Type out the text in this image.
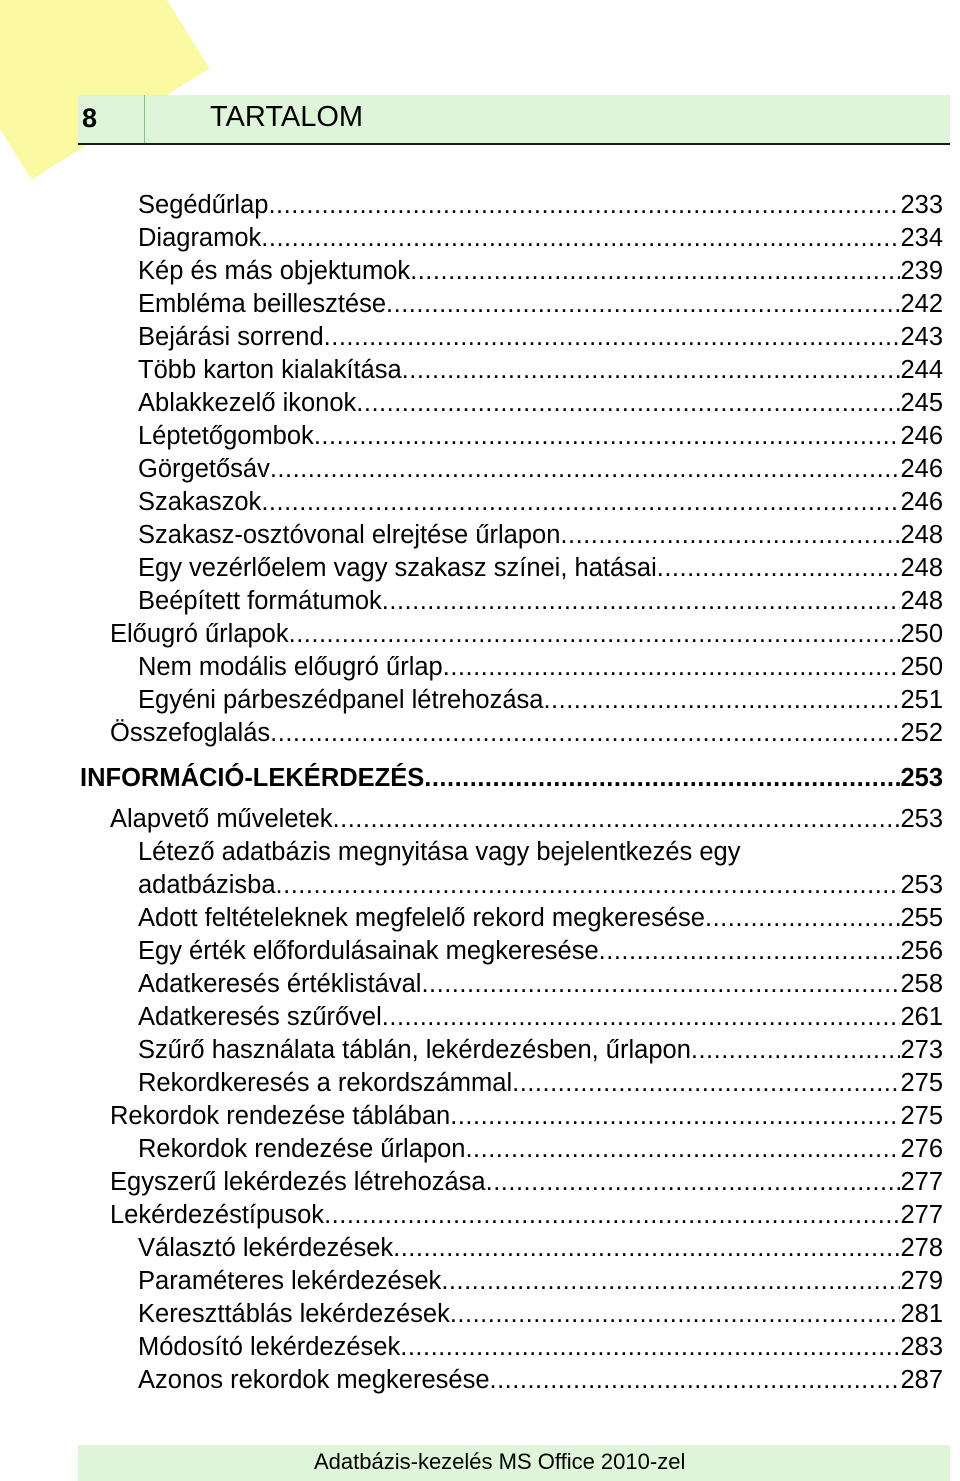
8	TARTALOM
Segédűrlap .....	233
Diagramok .....	234
Kép és más objektumok .....	239
Embléma beillesztése .....	242
Bejárási sorrend .....	243
Több karton kialakítása .....	244
Ablakkezelő ikonok .....	245
Léptetőgombok .....	246
Görgetősáv .....	246
Szakaszok .....	246
Szakasz-osztóvonal elrejtése űrlapon .....	248
Egy vezérlőelem vagy szakasz színei, hatásai .....	248
Beépített formátumok .....	248
Előugró űrlapok .....	250
Nem modális előugró űrlap .....	250
Egyéni párbeszédpanel létrehozása .....	251
Összefoglalás .....	252
INFORMÁCIÓ-LEKÉRDEZÉS .....	253
Alapvető műveletek .....	253
Létező adatbázis megnyitása vagy bejelentkezés egy
adatbázisba .....	253
Adott feltételeknek megfelelő rekord megkeresése .....	255
Egy érték előfordulásainak megkeresése .....	256
Adatkeresés értéklistával .....	258
Adatkeresés szűrővel .....	261
Szűrő használata táblán, lekérdezésben, űrlapon .....	273
Rekordkeresés a rekordszámmal .....	275
Rekordok rendezése táblában .....	275
Rekordok rendezése űrlapon .....	276
Egyszerű lekérdezés létrehozása .....	277
Lekérdezéstípusok .....	277
Választó lekérdezések .....	278
Paraméteres lekérdezések .....	279
Kereszttáblás lekérdezések .....	281
Módosító lekérdezések .....	283
Azonos rekordok megkeresése .....	287
Adatbázis-kezelés MS Office 2010-zel
